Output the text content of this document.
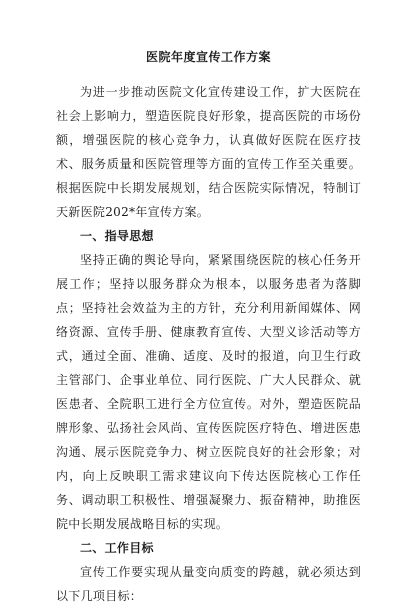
医院年度宣传工作方案

为进一步推动医院文化宣传建设工作，扩大医院在社会上影响力，塑造医院良好形象，提高医院的市场份额，增强医院的核心竞争力，认真做好医院在医疗技术、服务质量和医院管理等方面的宣传工作至关重要。根据医院中长期发展规划，结合医院实际情况，特制订天新医院202*年宣传方案。

一、指导思想

坚持正确的舆论导向，紧紧围绕医院的核心任务开展工作；坚持以服务群众为根本，以服务患者为落脚点；坚持社会效益为主的方针，充分利用新闻媒体、网络资源、宣传手册、健康教育宣传、大型义诊活动等方式，通过全面、准确、适度、及时的报道，向卫生行政主管部门、企事业单位、同行医院、广大人民群众、就医患者、全院职工进行全方位宣传。对外，塑造医院品牌形象、弘扬社会风尚、宣传医院医疗特色、增进医患沟通、展示医院竞争力、树立医院良好的社会形象；对内，向上反映职工需求建议向下传达医院核心工作任务、调动职工积极性、增强凝聚力、振奋精神，助推医院中长期发展战略目标的实现。

二、工作目标

宣传工作要实现从量变向质变的跨越，就必须达到以下几项目标：
